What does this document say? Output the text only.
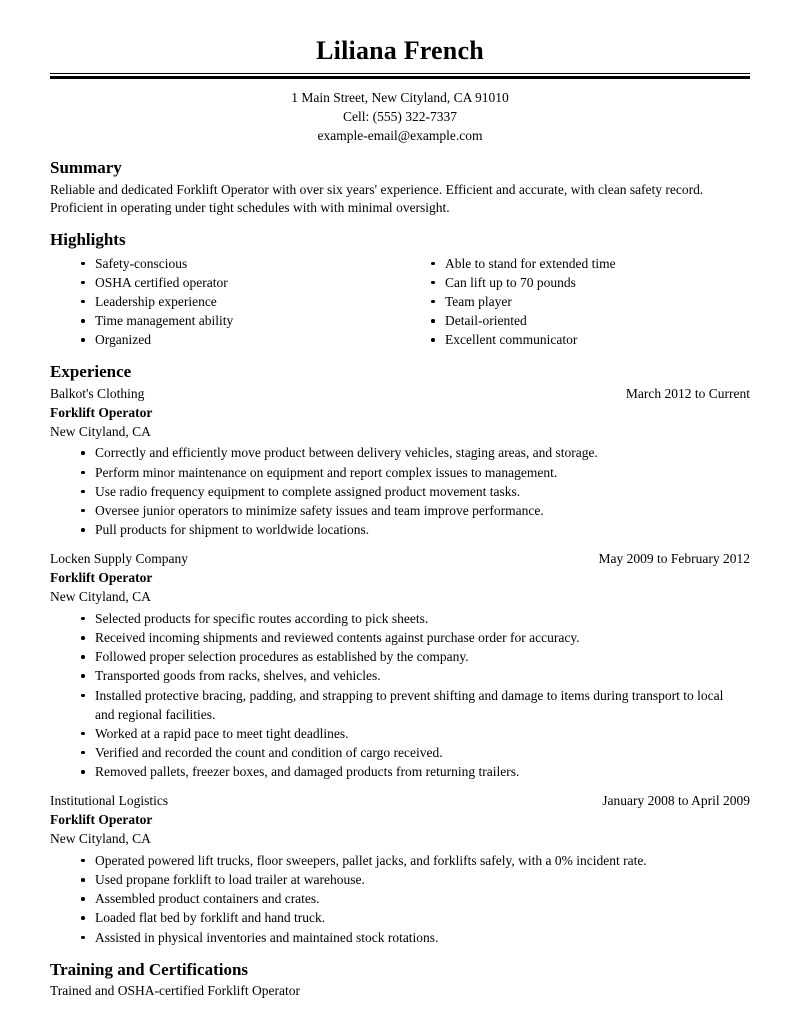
Liliana French
1 Main Street, New Cityland, CA 91010
Cell: (555) 322-7337
example-email@example.com
Summary
Reliable and dedicated Forklift Operator with over six years' experience. Efficient and accurate, with clean safety record. Proficient in operating under tight schedules with with minimal oversight.
Highlights
Safety-conscious
OSHA certified operator
Leadership experience
Time management ability
Organized
Able to stand for extended time
Can lift up to 70 pounds
Team player
Detail-oriented
Excellent communicator
Experience
Balkot's Clothing	March 2012 to Current
Forklift Operator
New Cityland, CA
Correctly and efficiently move product between delivery vehicles, staging areas, and storage.
Perform minor maintenance on equipment and report complex issues to management.
Use radio frequency equipment to complete assigned product movement tasks.
Oversee junior operators to minimize safety issues and team improve performance.
Pull products for shipment to worldwide locations.
Locken Supply Company	May 2009 to February 2012
Forklift Operator
New Cityland, CA
Selected products for specific routes according to pick sheets.
Received incoming shipments and reviewed contents against purchase order for accuracy.
Followed proper selection procedures as established by the company.
Transported goods from racks, shelves, and vehicles.
Installed protective bracing, padding, and strapping to prevent shifting and damage to items during transport to local and regional facilities.
Worked at a rapid pace to meet tight deadlines.
Verified and recorded the count and condition of cargo received.
Removed pallets, freezer boxes, and damaged products from returning trailers.
Institutional Logistics	January 2008 to April 2009
Forklift Operator
New Cityland, CA
Operated powered lift trucks, floor sweepers, pallet jacks, and forklifts safely, with a 0% incident rate.
Used propane forklift to load trailer at warehouse.
Assembled product containers and crates.
Loaded flat bed by forklift and hand truck.
Assisted in physical inventories and maintained stock rotations.
Training and Certifications
Trained and OSHA-certified Forklift Operator
